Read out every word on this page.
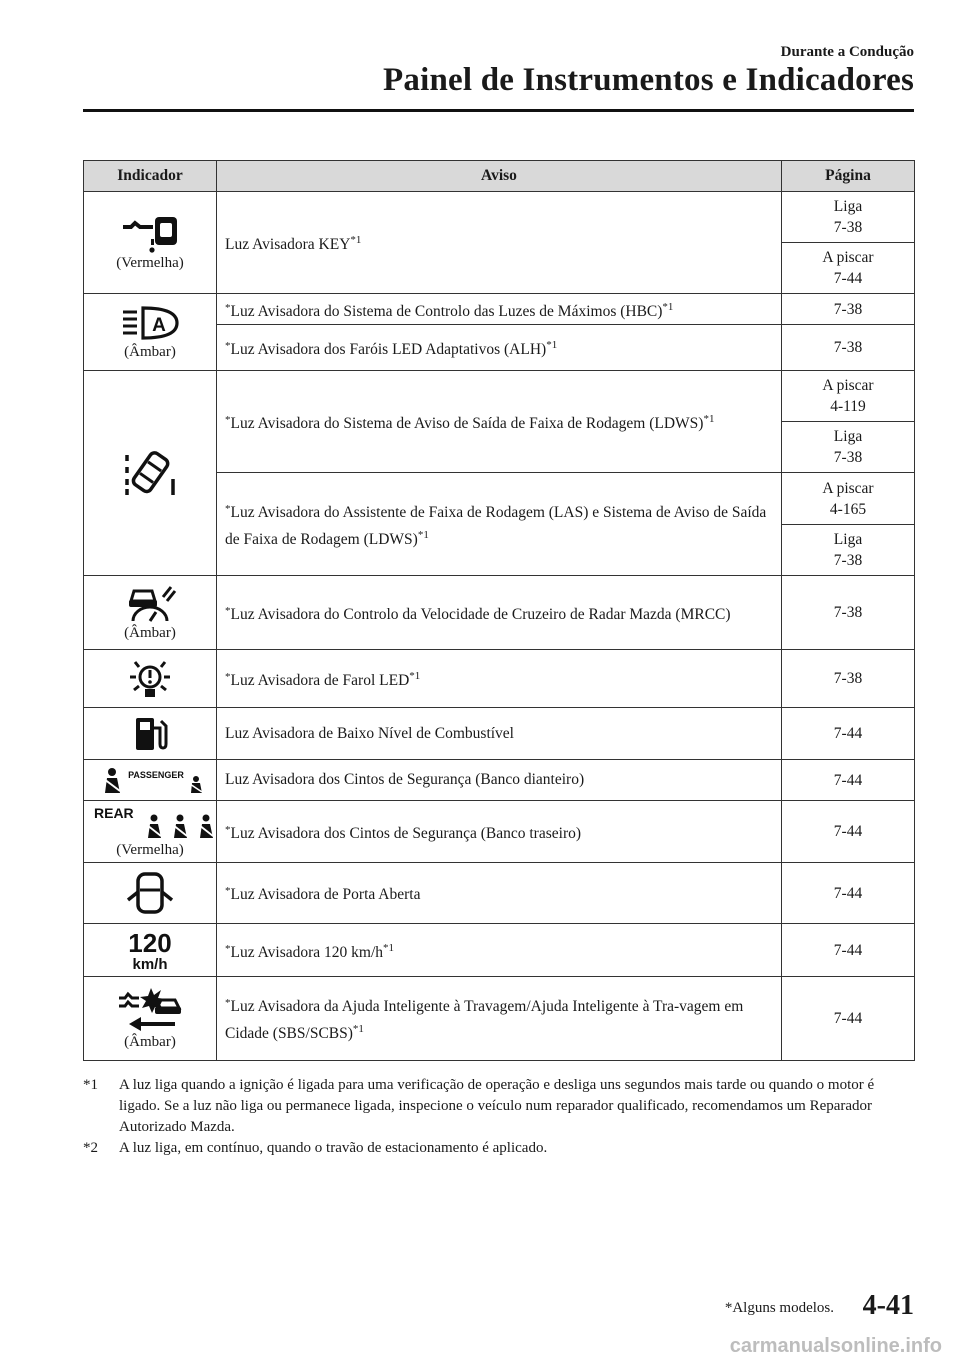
Durante a Condução
Painel de Instrumentos e Indicadores
Indicador	Aviso	Página

(Vermelha)	Luz Avisadora KEY$^{*1}$	Liga
7-38
		A piscar
7-44

A
(Âmbar)	*Luz Avisadora do Sistema de Controlo das Luzes de Máximos (HBC)$^{*1}$	7-38
	*Luz Avisadora dos Faróis LED Adaptativos (ALH)$^{*1}$	7-38

	*Luz Avisadora do Sistema de Aviso de Saída de Faixa de Rodagem (LDWS)$^{*1}$	A piscar
4-119
		Liga
7-38
	*Luz Avisadora do Assistente de Faixa de Rodagem (LAS) e Sistema de Aviso de Saída de Faixa de Rodagem (LDWS)$^{*1}$	A piscar
4-165
		Liga
7-38

(Âmbar)	*Luz Avisadora do Controlo da Velocidade de Cruzeiro de Radar Mazda (MRCC)	7-38

	*Luz Avisadora de Farol LED$^{*1}$	7-38

	Luz Avisadora de Baixo Nível de Combustível	7-44

PASSENGER	Luz Avisadora dos Cintos de Segurança (Banco dianteiro)	7-44

REAR
(Vermelha)	*Luz Avisadora dos Cintos de Segurança (Banco traseiro)	7-44

	*Luz Avisadora de Porta Aberta	7-44

120
km/h	*Luz Avisadora 120 $km/h^{*1}$	7-44

(Âmbar)	*Luz Avisadora da Ajuda Inteligente à Travagem/Ajuda Inteligente à Tra-vagem em Cidade (SBS/SCBS)$^{*1}$	7-44
*1	A luz liga quando a ignição é ligada para uma verificação de operação e desliga uns segundos mais tarde ou quando o motor é ligado. Se a luz não liga ou permanece ligada, inspecione o veículo num reparador qualificado, recomendamos um Reparador Autorizado Mazda.
*2	A luz liga, em contínuo, quando o travão de estacionamento é aplicado.
*Alguns modelos. 4-41
carmanualsonline.info
